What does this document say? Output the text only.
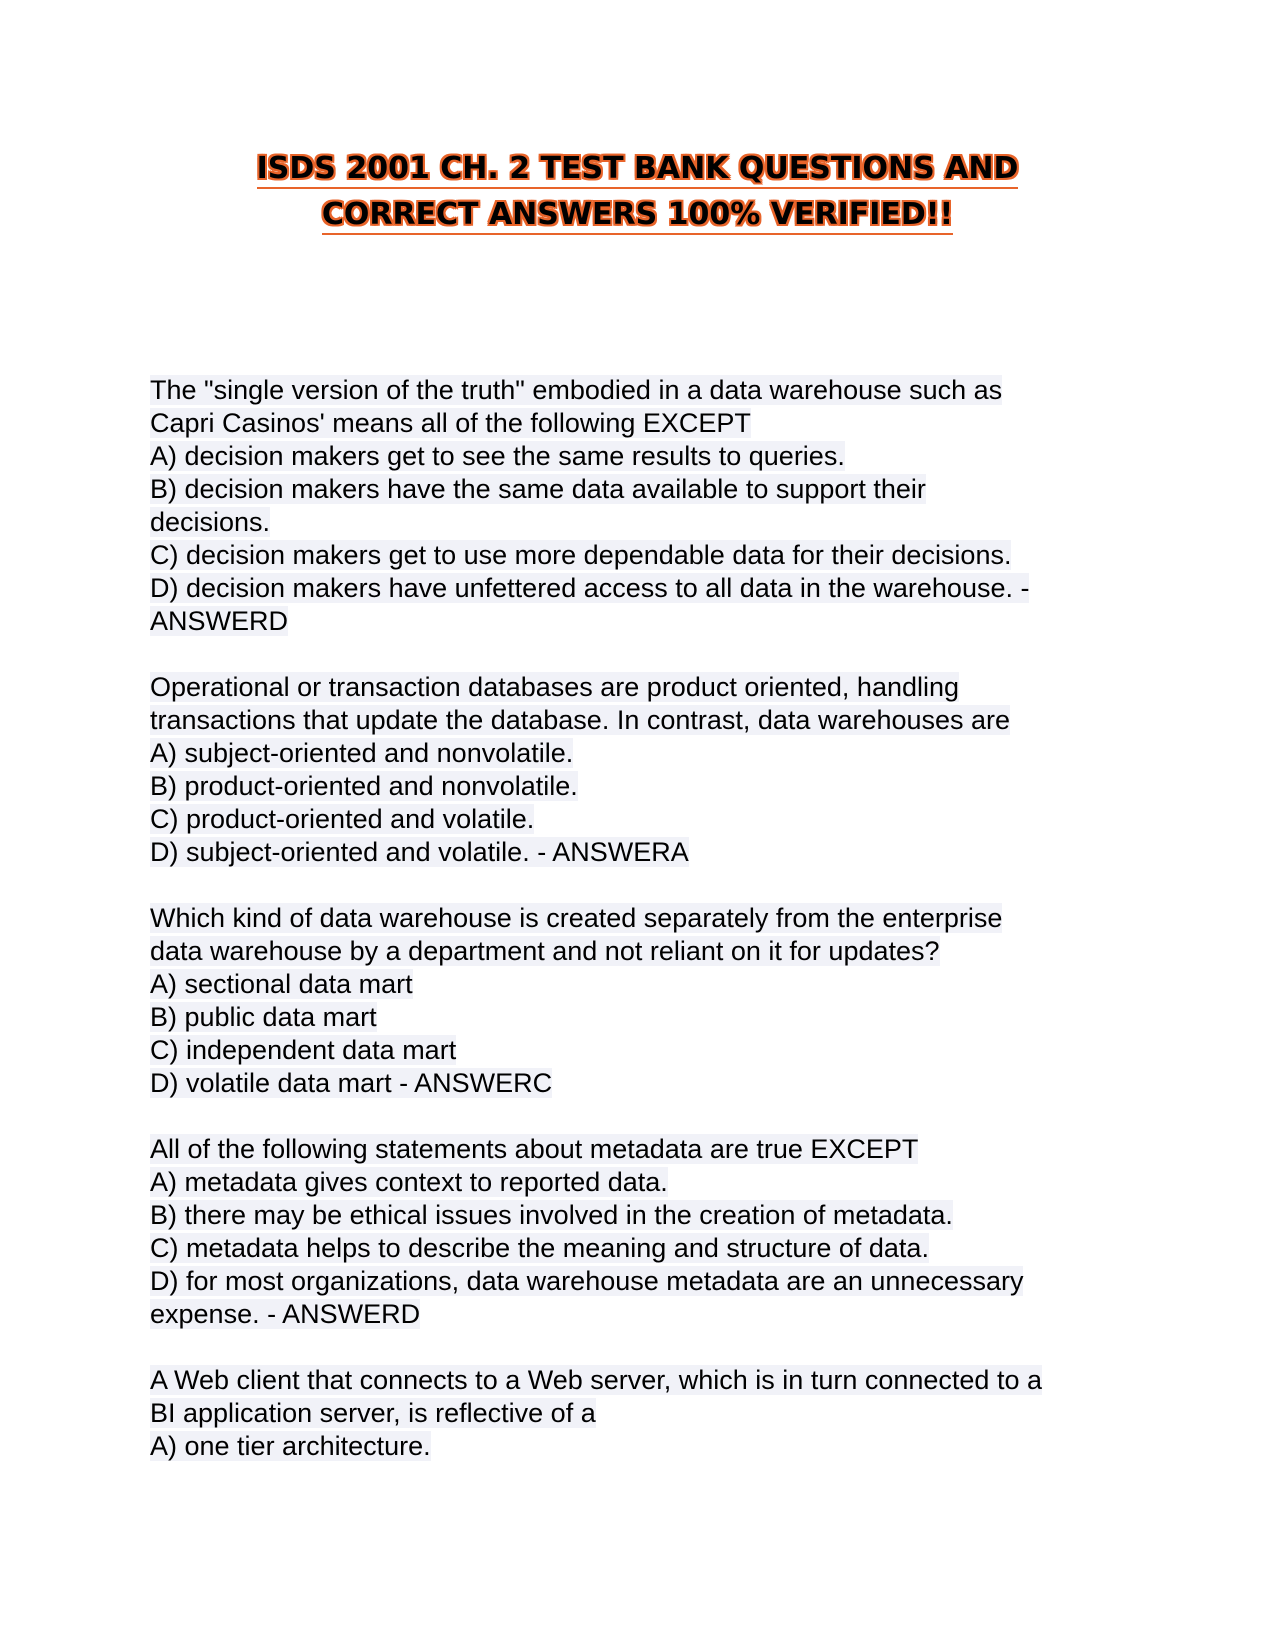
ISDS 2001 CH. 2 TEST BANK QUESTIONS AND
CORRECT ANSWERS 100% VERIFIED!!
The "single version of the truth" embodied in a data warehouse such as
Capri Casinos' means all of the following EXCEPT
A) decision makers get to see the same results to queries.
B) decision makers have the same data available to support their
decisions.
C) decision makers get to use more dependable data for their decisions.
D) decision makers have unfettered access to all data in the warehouse. -
ANSWERD
Operational or transaction databases are product oriented, handling
transactions that update the database. In contrast, data warehouses are
A) subject-oriented and nonvolatile.
B) product-oriented and nonvolatile.
C) product-oriented and volatile.
D) subject-oriented and volatile. - ANSWERA
Which kind of data warehouse is created separately from the enterprise
data warehouse by a department and not reliant on it for updates?
A) sectional data mart
B) public data mart
C) independent data mart
D) volatile data mart - ANSWERC
All of the following statements about metadata are true EXCEPT
A) metadata gives context to reported data.
B) there may be ethical issues involved in the creation of metadata.
C) metadata helps to describe the meaning and structure of data.
D) for most organizations, data warehouse metadata are an unnecessary
expense. - ANSWERD
A Web client that connects to a Web server, which is in turn connected to a
BI application server, is reflective of a
A) one tier architecture.
